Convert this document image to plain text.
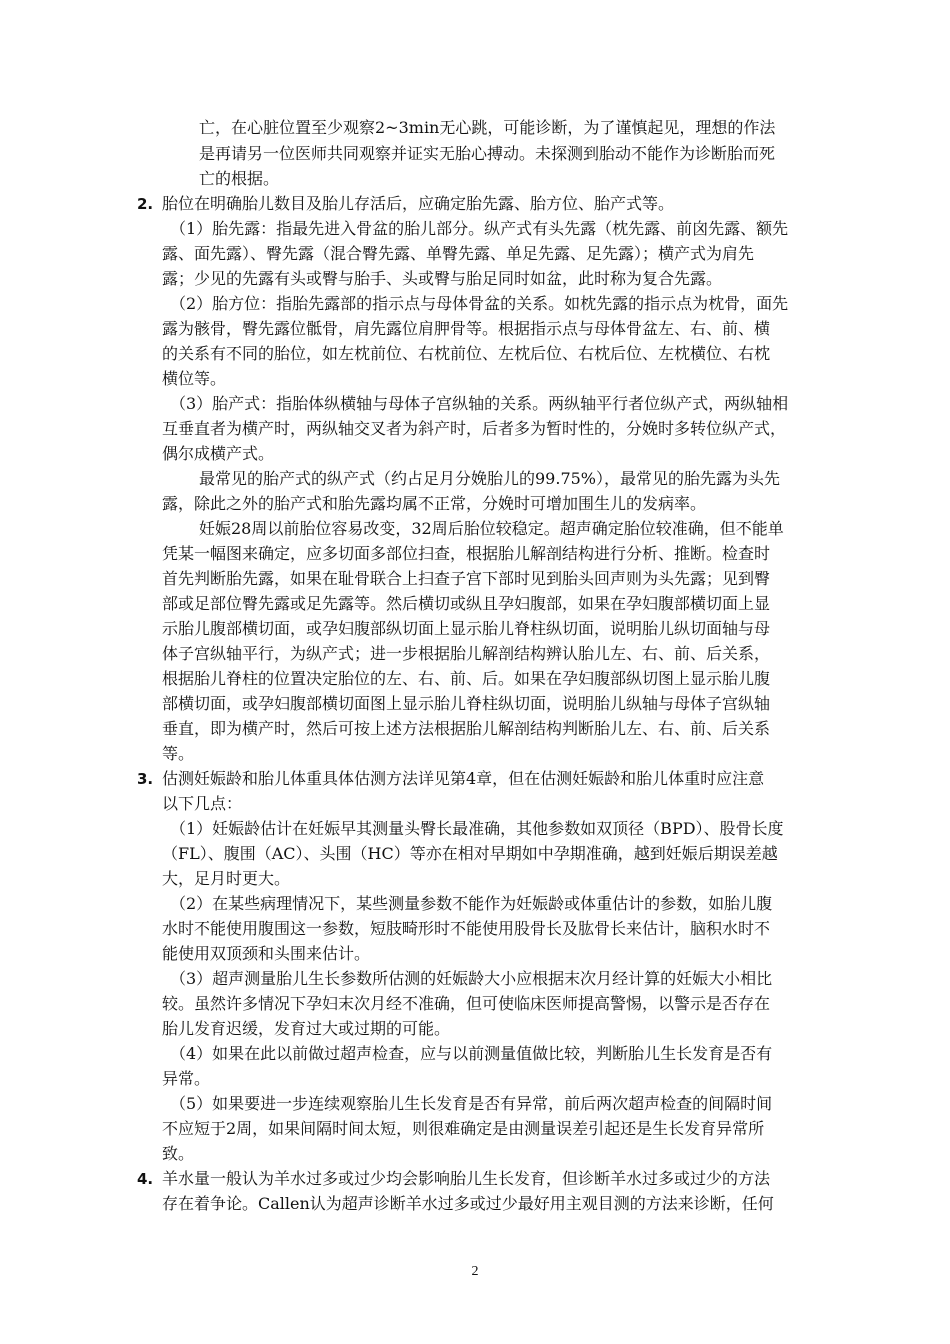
亡，在心脏位置至少观察2~3min无心跳，可能诊断，为了谨慎起见，理想的作法
是再请另一位医师共同观察并证实无胎心搏动。未探测到胎动不能作为诊断胎而死
亡的根据。
2. 胎位在明确胎儿数目及胎儿存活后，应确定胎先露、胎方位、胎产式等。
（1）胎先露：指最先进入骨盆的胎儿部分。纵产式有头先露（枕先露、前囟先露、额先
露、面先露）、臀先露（混合臀先露、单臀先露、单足先露、足先露）；横产式为肩先
露；少见的先露有头或臀与胎手、头或臀与胎足同时如盆，此时称为复合先露。
（2）胎方位：指胎先露部的指示点与母体骨盆的关系。如枕先露的指示点为枕骨，面先
露为骸骨，臀先露位骶骨，肩先露位肩胛骨等。根据指示点与母体骨盆左、右、前、横
的关系有不同的胎位，如左枕前位、右枕前位、左枕后位、右枕后位、左枕横位、右枕
横位等。
（3）胎产式：指胎体纵横轴与母体子宫纵轴的关系。两纵轴平行者位纵产式，两纵轴相
互垂直者为横产时，两纵轴交叉者为斜产时，后者多为暂时性的，分娩时多转位纵产式，
偶尔成横产式。
最常见的胎产式的纵产式（约占足月分娩胎儿的99.75%），最常见的胎先露为头先
露，除此之外的胎产式和胎先露均属不正常，分娩时可增加围生儿的发病率。
妊娠28周以前胎位容易改变，32周后胎位较稳定。超声确定胎位较准确，但不能单
凭某一幅图来确定，应多切面多部位扫查，根据胎儿解剖结构进行分析、推断。检查时
首先判断胎先露，如果在耻骨联合上扫查子宫下部时见到胎头回声则为头先露；见到臀
部或足部位臀先露或足先露等。然后横切或纵且孕妇腹部，如果在孕妇腹部横切面上显
示胎儿腹部横切面，或孕妇腹部纵切面上显示胎儿脊柱纵切面，说明胎儿纵切面轴与母
体子宫纵轴平行，为纵产式；进一步根据胎儿解剖结构辨认胎儿左、右、前、后关系，
根据胎儿脊柱的位置决定胎位的左、右、前、后。如果在孕妇腹部纵切图上显示胎儿腹
部横切面，或孕妇腹部横切面图上显示胎儿脊柱纵切面，说明胎儿纵轴与母体子宫纵轴
垂直，即为横产时，然后可按上述方法根据胎儿解剖结构判断胎儿左、右、前、后关系
等。
3. 估测妊娠龄和胎儿体重具体估测方法详见第4章，但在估测妊娠龄和胎儿体重时应注意
以下几点：
（1）妊娠龄估计在妊娠早其测量头臀长最准确，其他参数如双顶径（BPD）、股骨长度
（FL）、腹围（AC）、头围（HC）等亦在相对早期如中孕期准确，越到妊娠后期误差越
大，足月时更大。
（2）在某些病理情况下，某些测量参数不能作为妊娠龄或体重估计的参数，如胎儿腹
水时不能使用腹围这一参数，短肢畸形时不能使用股骨长及肱骨长来估计，脑积水时不
能使用双顶颈和头围来估计。
（3）超声测量胎儿生长参数所估测的妊娠龄大小应根据末次月经计算的妊娠大小相比
较。虽然许多情况下孕妇末次月经不准确，但可使临床医师提高警惕，以警示是否存在
胎儿发育迟缓，发育过大或过期的可能。
（4）如果在此以前做过超声检查，应与以前测量值做比较，判断胎儿生长发育是否有
异常。
（5）如果要进一步连续观察胎儿生长发育是否有异常，前后两次超声检查的间隔时间
不应短于2周，如果间隔时间太短，则很难确定是由测量误差引起还是生长发育异常所
致。
4. 羊水量一般认为羊水过多或过少均会影响胎儿生长发育，但诊断羊水过多或过少的方法
存在着争论。Callen认为超声诊断羊水过多或过少最好用主观目测的方法来诊断，任何
2
